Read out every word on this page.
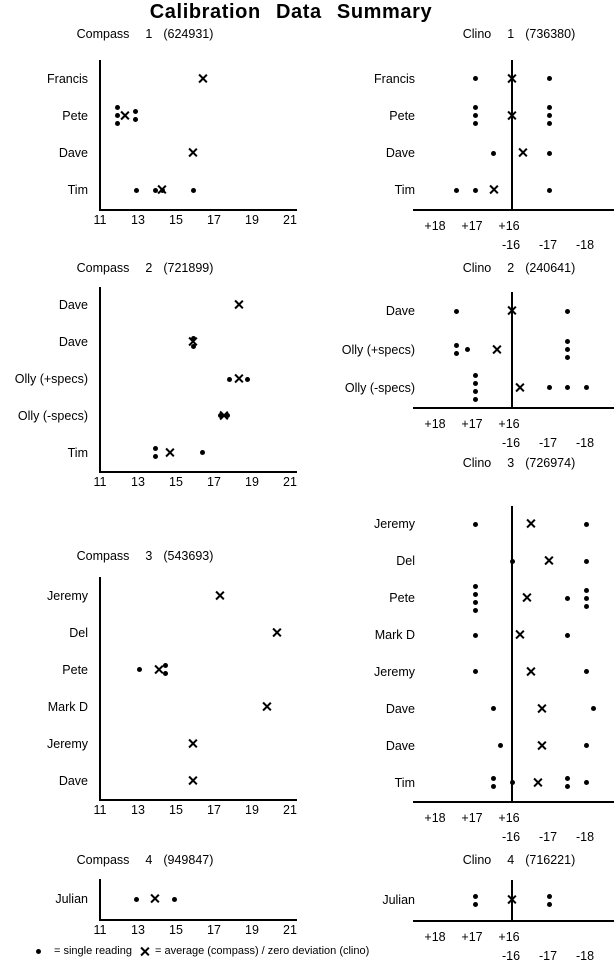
Calibration Data Summary
Compass 1 (624931)
Francis
Pete
Dave
Tim
11 13 15 17 19 21
Clino 1 (736380)
Francis
Pete
Dave
Tim
+18 +17 +16
-16 -17 -18
Compass 2 (721899)
Dave
Dave
Olly (+specs)
Olly (-specs)
Tim
11 13 15 17 19 21
Clino 2 (240641)
Dave
Olly (+specs)
Olly (-specs)
+18 +17 +16
-16 -17 -18
Compass 3 (543693)
Jeremy
Del
Pete
Mark D
Jeremy
Dave
11 13 15 17 19 21
Clino 3 (726974)
Jeremy
Del
Pete
Mark D
Jeremy
Dave
Dave
Tim
+18 +17 +16
-16 -17 -18
Compass 4 (949847)
Julian
11 13 15 17 19 21
Clino 4 (716221)
Julian
+18 +17 +16
-16 -17 -18
= single reading = average (compass) / zero deviation (clino)
